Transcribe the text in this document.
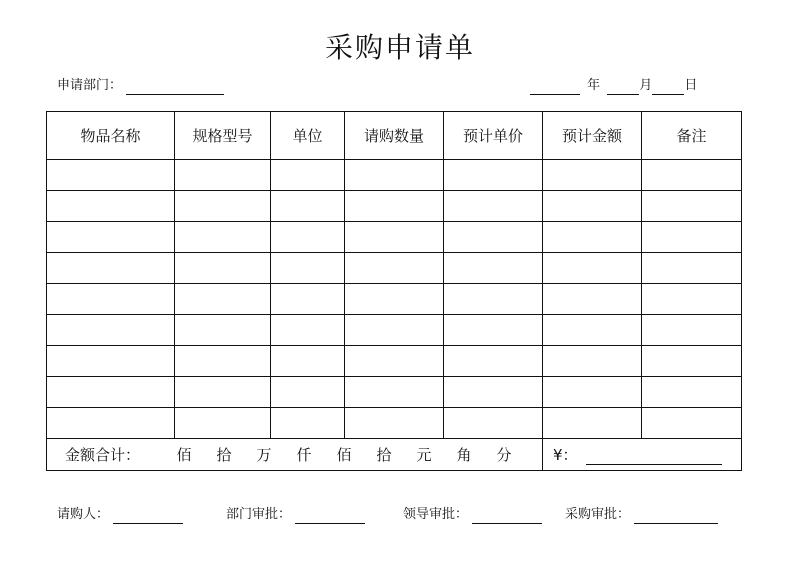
采购申请单
申请部门：	年	月 日
物品名称	规格型号	单位	请购数量	预计单价	预计金额	备注

金额合计： 佰 拾 万 仟 佰 拾 元 角 分					¥：	
请购人：	部门审批：	领导审批：	采购审批：
